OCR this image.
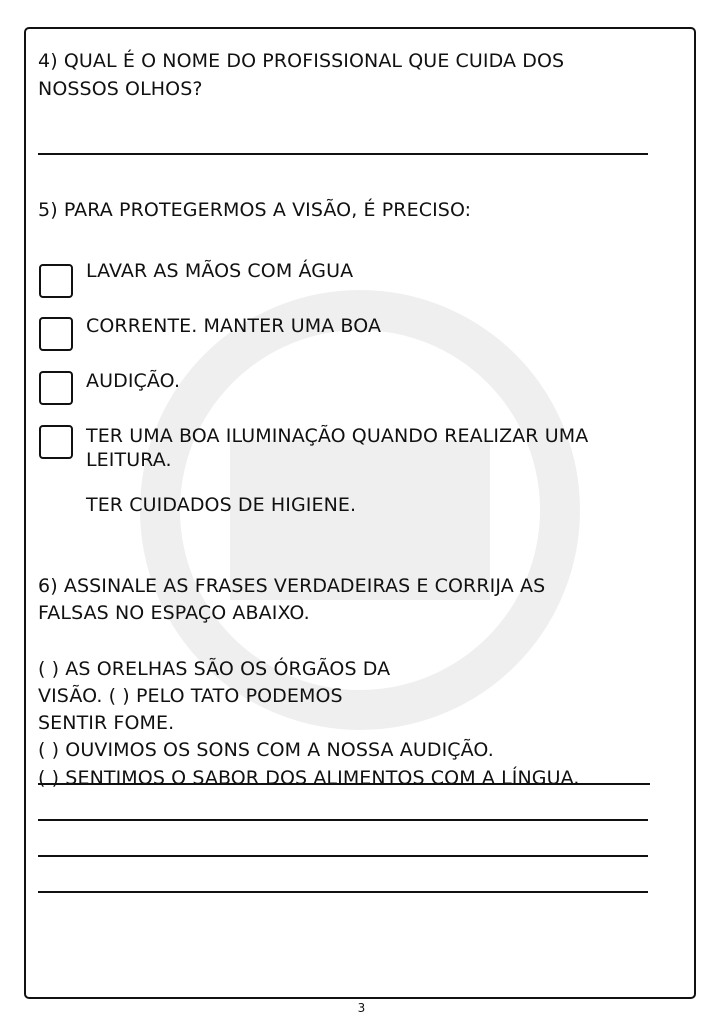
4) QUAL É O NOME DO PROFISSIONAL QUE CUIDA DOS
NOSSOS OLHOS?
5) PARA PROTEGERMOS A VISÃO, É PRECISO:
LAVAR AS MÃOS COM ÁGUA
CORRENTE. MANTER UMA BOA
AUDIÇÃO.
TER UMA BOA ILUMINAÇÃO QUANDO REALIZAR UMA
LEITURA.
TER CUIDADOS DE HIGIENE.
6) ASSINALE AS FRASES VERDADEIRAS E CORRIJA AS
FALSAS NO ESPAÇO ABAIXO.
( ) AS ORELHAS SÃO OS ÓRGÃOS DA
VISÃO. ( ) PELO TATO PODEMOS
SENTIR FOME.
( ) OUVIMOS OS SONS COM A NOSSA AUDIÇÃO.
( ) SENTIMOS O SABOR DOS ALIMENTOS COM A LÍNGUA.
3
